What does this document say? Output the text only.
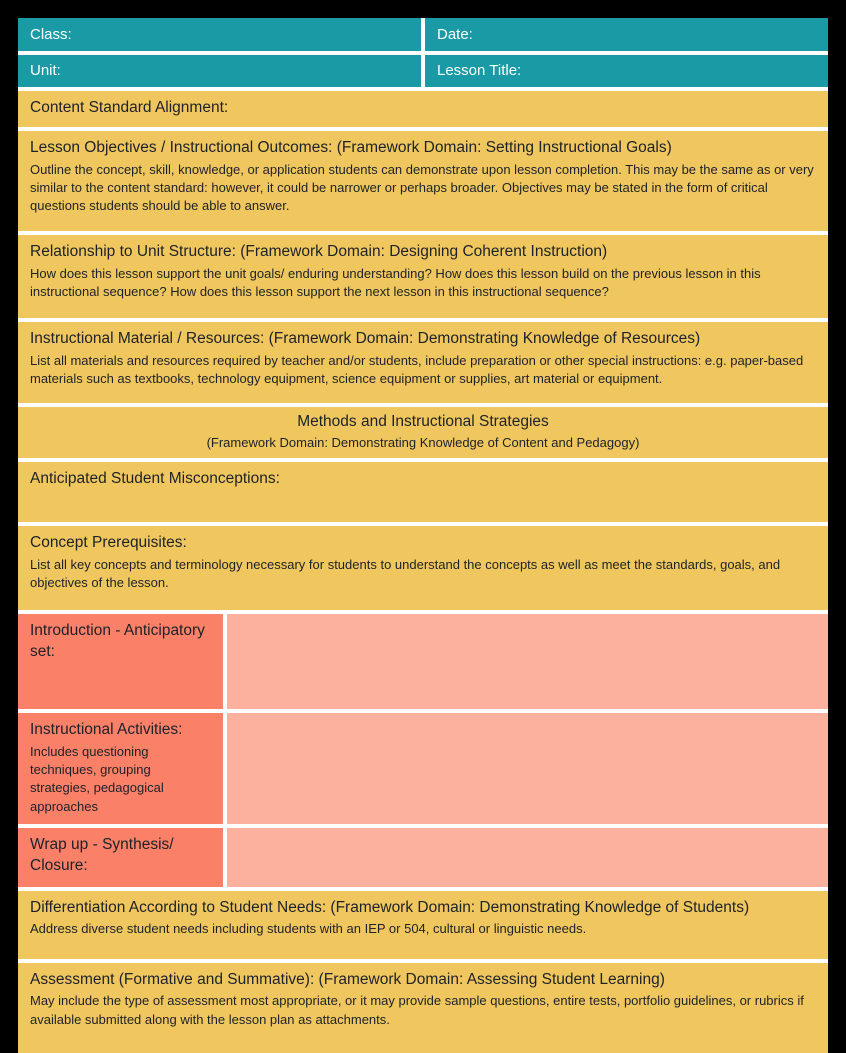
Class:	Date:
Unit:	Lesson Title:
Content Standard Alignment:
Lesson Objectives / Instructional Outcomes: (Framework Domain: Setting Instructional Goals)
Outline the concept, skill, knowledge, or application students can demonstrate upon lesson completion. This may be the same as or very similar to the content standard: however, it could be narrower or perhaps broader. Objectives may be stated in the form of critical questions students should be able to answer.
Relationship to Unit Structure: (Framework Domain: Designing Coherent Instruction)
How does this lesson support the unit goals/ enduring understanding? How does this lesson build on the previous lesson in this instructional sequence? How does this lesson support the next lesson in this instructional sequence?
Instructional Material / Resources: (Framework Domain: Demonstrating Knowledge of Resources)
List all materials and resources required by teacher and/or students, include preparation or other special instructions: e.g. paper-based materials such as textbooks, technology equipment, science equipment or supplies, art material or equipment.
Methods and Instructional Strategies
(Framework Domain: Demonstrating Knowledge of Content and Pedagogy)
Anticipated Student Misconceptions:
Concept Prerequisites:
List all key concepts and terminology necessary for students to understand the concepts as well as meet the standards, goals, and objectives of the lesson.
Introduction - Anticipatory set:
Instructional Activities:
Includes questioning techniques, grouping strategies, pedagogical approaches
Wrap up - Synthesis/ Closure:
Differentiation According to Student Needs: (Framework Domain: Demonstrating Knowledge of Students)
Address diverse student needs including students with an IEP or 504, cultural or linguistic needs.
Assessment (Formative and Summative): (Framework Domain: Assessing Student Learning)
May include the type of assessment most appropriate, or it may provide sample questions, entire tests, portfolio guidelines, or rubrics if available submitted along with the lesson plan as attachments.
